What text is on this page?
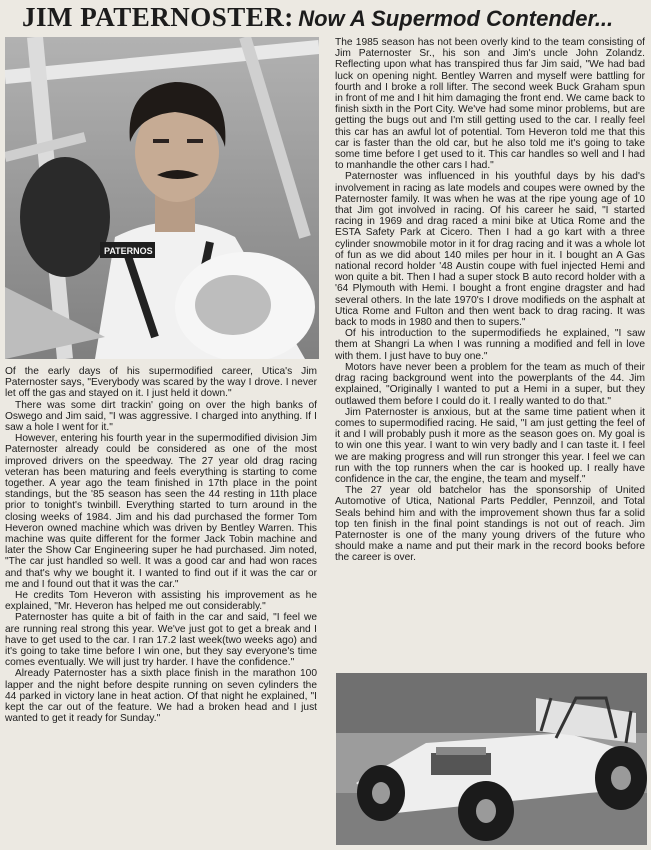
JIM PATERNOSTER: Now A Supermod Contender...
PATERNOS

Of the early days of his supermodified career, Utica's Jim Paternoster says, "Everybody was scared by the way I drove. I never let off the gas and stayed on it. I just held it down."

There was some dirt trackin' going on over the high banks of Oswego and Jim said, "I was aggressive. I charged into anything. If I saw a hole I went for it."

However, entering his fourth year in the supermodified division Jim Paternoster already could be considered as one of the most improved drivers on the speedway. The 27 year old drag racing veteran has been maturing and feels everything is starting to come together. A year ago the team finished in 17th place in the point standings, but the '85 season has seen the 44 resting in 11th place prior to tonight's twinbill. Everything started to turn around in the closing weeks of 1984. Jim and his dad purchased the former Tom Heveron owned machine which was driven by Bentley Warren. This machine was quite different for the former Jack Tobin machine and later the Show Car Engineering super he had purchased. Jim noted, "The car just handled so well. It was a good car and had won races and that's why we bought it. I wanted to find out if it was the car or me and I found out that it was the car."

He credits Tom Heveron with assisting his improvement as he explained, "Mr. Heveron has helped me out considerably."

Paternoster has quite a bit of faith in the car and said, "I feel we are running real strong this year. We've just got to get a break and I have to get used to the car. I ran 17.2 last week(two weeks ago) and it's going to take time before I win one, but they say everyone's time comes eventually. We will just try harder. I have the confidence."

Already Paternoster has a sixth place finish in the marathon 100 lapper and the night before despite running on seven cylinders the 44 parked in victory lane in heat action. Of that night he explained, "I kept the car out of the feature. We had a broken head and I just wanted to get it ready for Sunday."

The 1985 season has not been overly kind to the team consisting of Jim Paternoster Sr., his son and Jim's uncle John Zolandz. Reflecting upon what has transpired thus far Jim said, "We had bad luck on opening night. Bentley Warren and myself were battling for fourth and I broke a roll lifter. The second week Buck Graham spun in front of me and I hit him damaging the front end. We came back to finish sixth in the Port City. We've had some minor problems, but are getting the bugs out and I'm still getting used to the car. I really feel this car has an awful lot of potential. Tom Heveron told me that this car is faster than the old car, but he also told me it's going to take some time before I get used to it. This car handles so well and I had to manhandle the other cars I had."

Paternoster was influenced in his youthful days by his dad's involvement in racing as late models and coupes were owned by the Paternoster family. It was when he was at the ripe young age of 10 that Jim got involved in racing. Of his career he said, "I started racing in 1969 and drag raced a mini bike at Utica Rome and the ESTA Safety Park at Cicero. Then I had a go kart with a three cylinder snowmobile motor in it for drag racing and it was a whole lot of fun as we did about 140 miles per hour in it. I bought an A Gas national record holder '48 Austin coupe with fuel injected Hemi and won quite a bit. Then I had a super stock B auto record holder with a '64 Plymouth with Hemi. I bought a front engine dragster and had several others. In the late 1970's I drove modifieds on the asphalt at Utica Rome and Fulton and then went back to drag racing. It was back to mods in 1980 and then to supers."

Of his introduction to the supermodifieds he explained, "I saw them at Shangri La when I was running a modified and fell in love with them. I just have to buy one."

Motors have never been a problem for the team as much of their drag racing background went into the powerplants of the 44. Jim explained, "Originally I wanted to put a Hemi in a super, but they outlawed them before I could do it. I really wanted to do that."

Jim Paternoster is anxious, but at the same time patient when it comes to supermodified racing. He said, "I am just getting the feel of it and I will probably push it more as the season goes on. My goal is to win one this year. I want to win very badly and I can taste it. I feel we are making progress and will run stronger this year. I feel we can run with the top runners when the car is hooked up. I really have confidence in the car, the engine, the team and myself."

The 27 year old batchelor has the sponsorship of United Automotive of Utica, National Parts Peddler, Pennzoil, and Total Seals behind him and with the improvement shown thus far a solid top ten finish in the final point standings is not out of reach. Jim Paternoster is one of the many young drivers of the future who should make a name and put their mark in the record books before the career is over.
